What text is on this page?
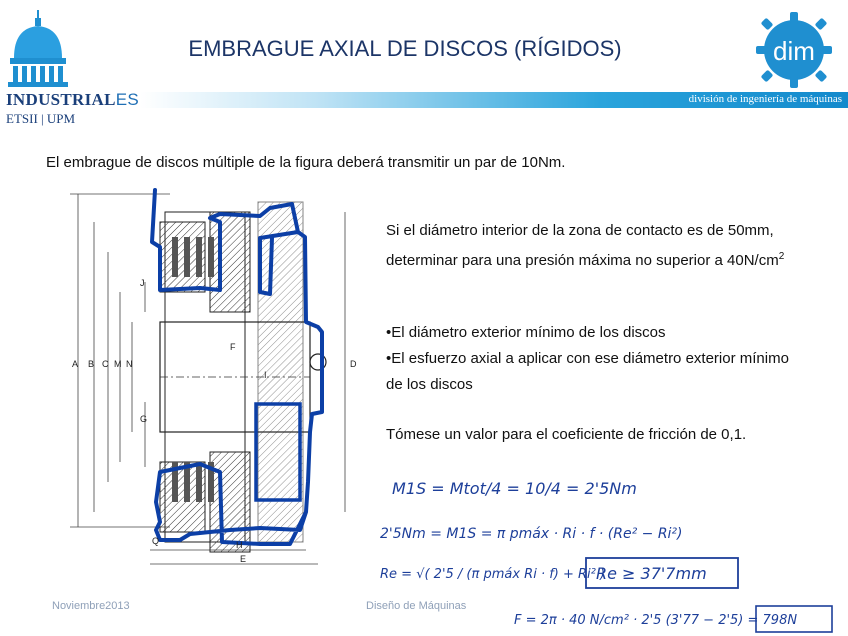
INDUSTRIALES
ETSII | UPM
EMBRAGUE AXIAL DE DISCOS (RÍGIDOS)
división de ingeniería de máquinas
dim
El embrague de discos múltiple de la figura deberá transmitir un par de 10Nm.
A B C M N
J
G
Q
F
I
D
H
E
Si el diámetro interior de la zona de contacto es de 50mm, determinar para una presión máxima no superior a $40N/cm^2$
•El diámetro exterior mínimo de los discos
•El esfuerzo axial a aplicar con ese diámetro exterior mínimo de los discos
Tómese un valor para el coeficiente de fricción de 0,1.
M1S = Mtot/4 = 10/4 = 2'5Nm
2'5Nm = M1S = π pmáx · Ri · f · (Re² − Ri²)
Re = √( 2'5 / (π pmáx Ri · f) + Ri² )
Re ≥ 37'7mm
F = 2π · 40 N/cm² · 2'5 (3'77 − 2'5) = 798N
Noviembre2013	Diseño de Máquinas
